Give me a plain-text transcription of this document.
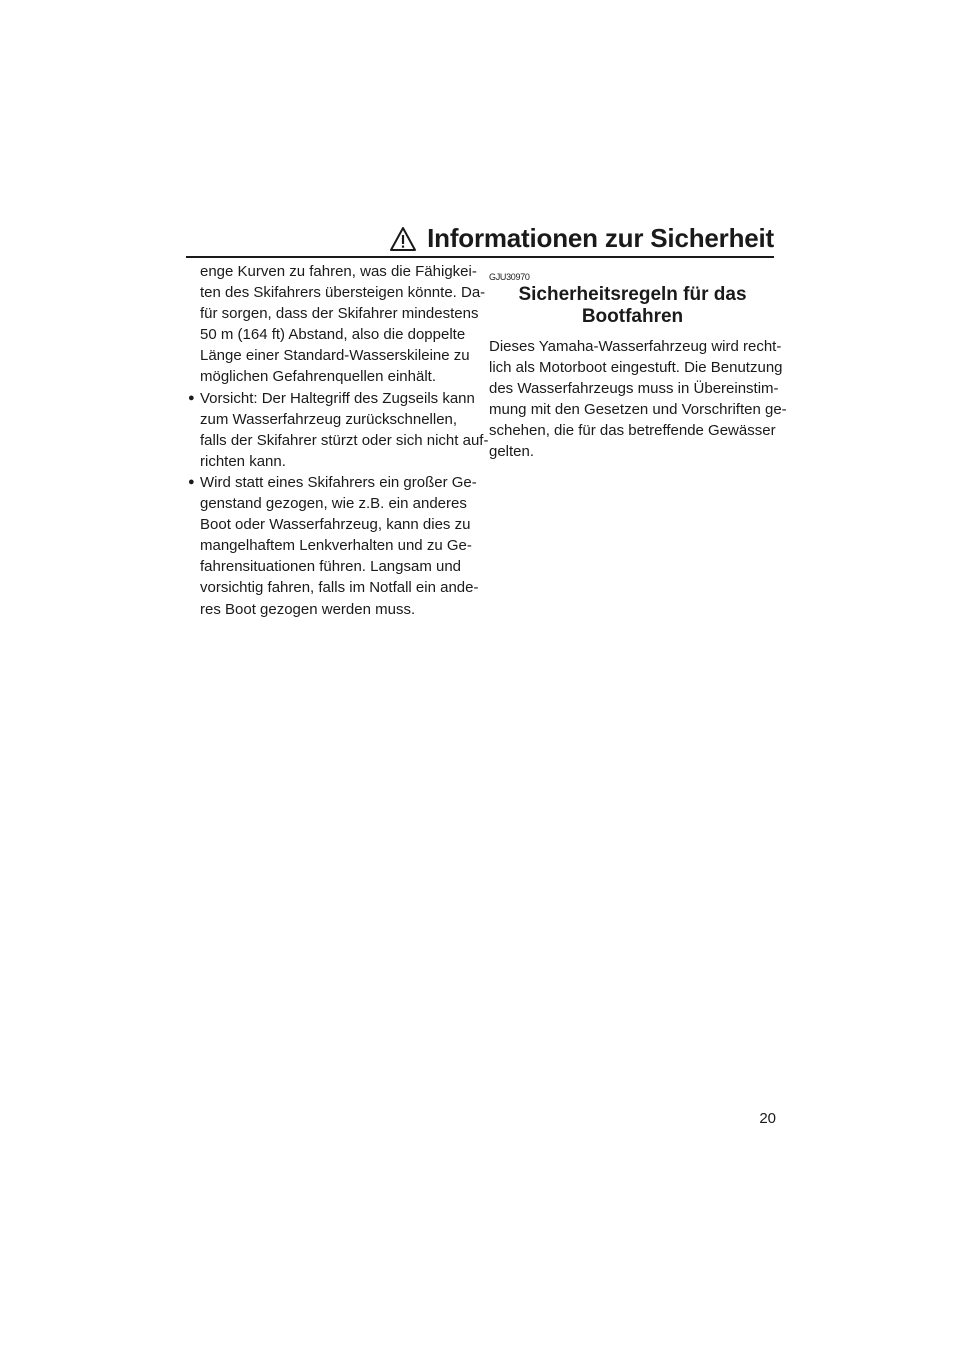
Informationen zur Sicherheit
enge Kurven zu fahren, was die Fähigkei-
ten des Skifahrers übersteigen könnte. Da-
für sorgen, dass der Skifahrer mindestens
50 m (164 ft) Abstand, also die doppelte
Länge einer Standard-Wasserskileine zu
möglichen Gefahrenquellen einhält.
● Vorsicht: Der Haltegriff des Zugseils kann
zum Wasserfahrzeug zurückschnellen,
falls der Skifahrer stürzt oder sich nicht auf-
richten kann.
● Wird statt eines Skifahrers ein großer Ge-
genstand gezogen, wie z.B. ein anderes
Boot oder Wasserfahrzeug, kann dies zu
mangelhaftem Lenkverhalten und zu Ge-
fahrensituationen führen. Langsam und
vorsichtig fahren, falls im Notfall ein ande-
res Boot gezogen werden muss.
GJU30970
Sicherheitsregeln für das
Bootfahren
Dieses Yamaha-Wasserfahrzeug wird recht-
lich als Motorboot eingestuft. Die Benutzung
des Wasserfahrzeugs muss in Übereinstim-
mung mit den Gesetzen und Vorschriften ge-
schehen, die für das betreffende Gewässer
gelten.
20
